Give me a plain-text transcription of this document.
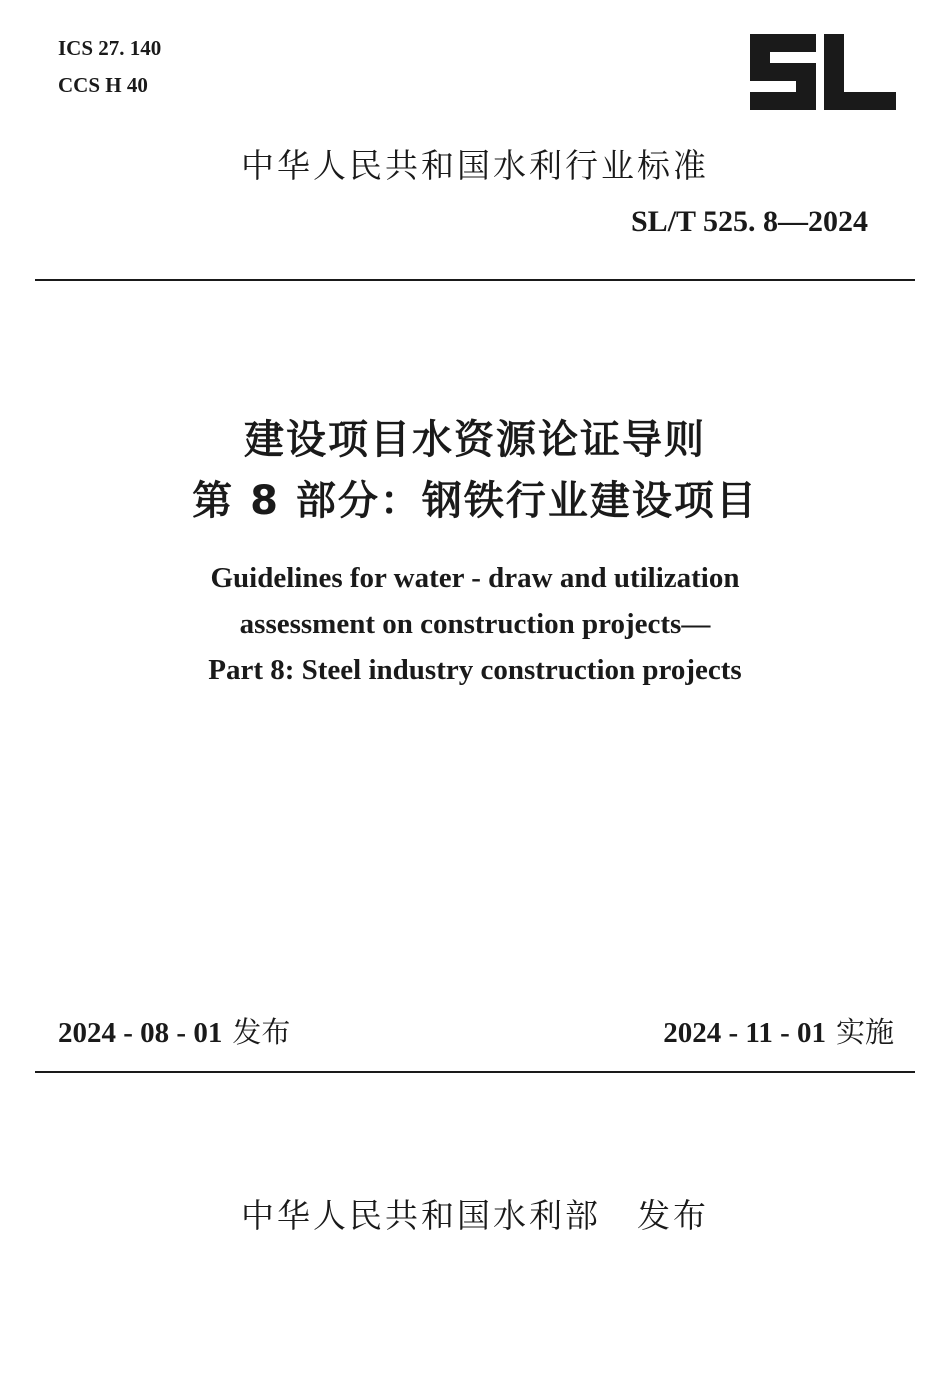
ICS 27. 140
CCS H 40
中华人民共和国水利行业标准
SL/T 525. 8—2024
建设项目水资源论证导则
第 8 部分：钢铁行业建设项目
Guidelines for water - draw and utilization
assessment on construction projects—
Part 8: Steel industry construction projects
2024 - 08 - 01 发布	2024 - 11 - 01 实施
中华人民共和国水利部 发布
